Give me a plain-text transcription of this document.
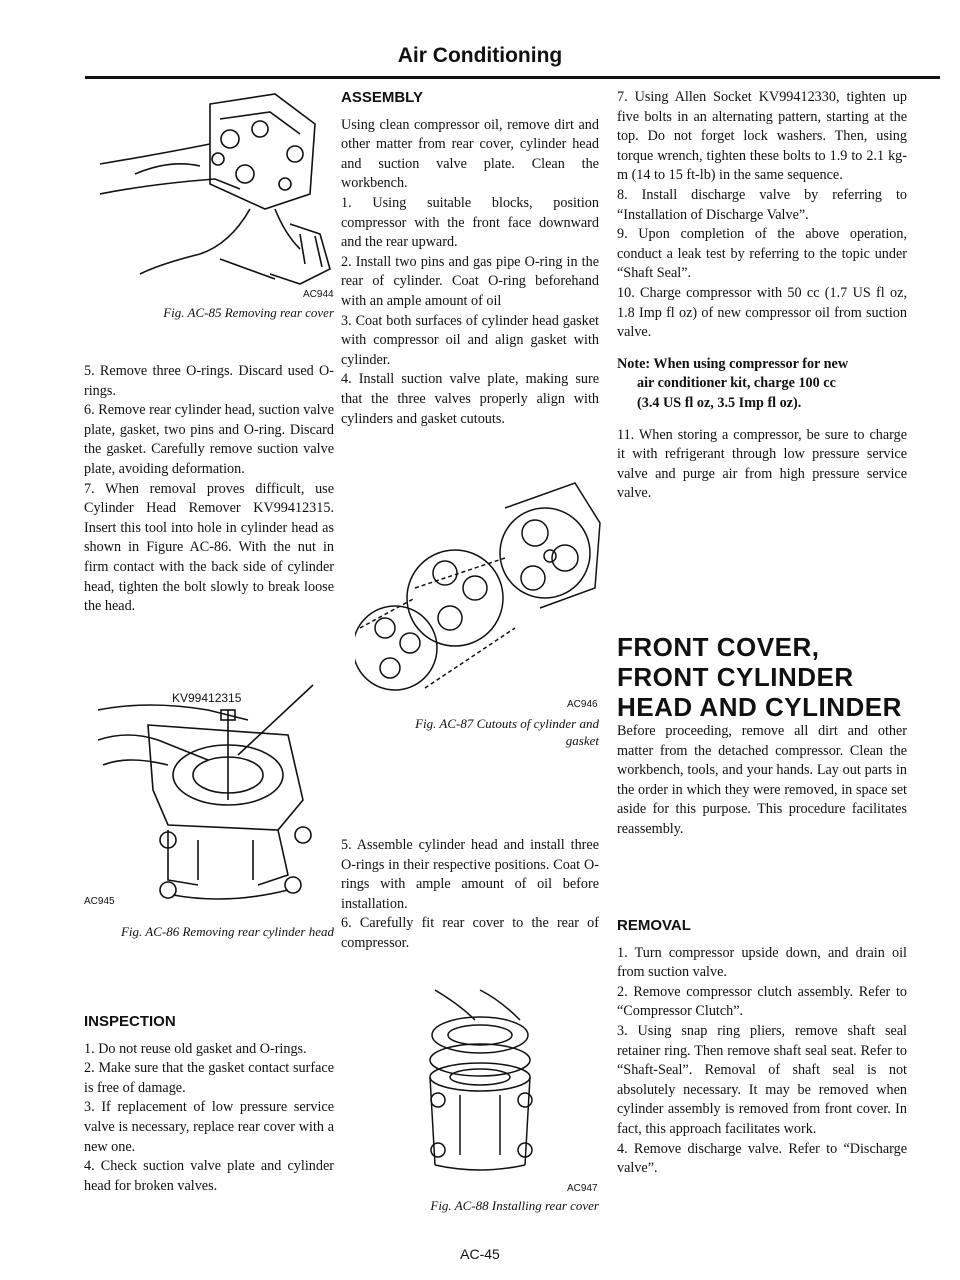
Air Conditioning
AC944
Fig. AC-85 Removing rear cover

5. Remove three O-rings. Discard used O-rings.

6. Remove rear cylinder head, suction valve plate, gasket, two pins and O-ring. Discard the gasket. Carefully remove suction valve plate, avoiding deformation.

7. When removal proves difficult, use Cylinder Head Remover KV99412315. Insert this tool into hole in cylinder head as shown in Figure AC-86. With the nut in firm contact with the back side of cylinder head, tighten the bolt slowly to break loose the head.

KV99412315
AC945
Fig. AC-86 Removing rear cylinder head
INSPECTION

1. Do not reuse old gasket and O-rings.

2. Make sure that the gasket contact surface is free of damage.

3. If replacement of low pressure service valve is necessary, replace rear cover with a new one.

4. Check suction valve plate and cylinder head for broken valves.

ASSEMBLY

Using clean compressor oil, remove dirt and other matter from rear cover, cylinder head and suction valve plate. Clean the workbench.

1. Using suitable blocks, position compressor with the front face downward and the rear upward.

2. Install two pins and gas pipe O-ring in the rear of cylinder. Coat O-ring beforehand with an ample amount of oil

3. Coat both surfaces of cylinder head gasket with compressor oil and align gasket with cylinder.

4. Install suction valve plate, making sure that the three valves properly align with cylinders and gasket cutouts.

AC946
Fig. AC-87 Cutouts of cylinder and
gasket

5. Assemble cylinder head and install three O-rings in their respective positions. Coat O-rings with ample amount of oil before installation.

6. Carefully fit rear cover to the rear of compressor.

AC947
Fig. AC-88 Installing rear cover

7. Using Allen Socket KV99412330, tighten up five bolts in an alternating pattern, starting at the top. Do not forget lock washers. Then, using torque wrench, tighten these bolts to 1.9 to 2.1 kg-m (14 to 15 ft-lb) in the same sequence.

8. Install discharge valve by referring to “Installation of Discharge Valve”.

9. Upon completion of the above operation, conduct a leak test by referring to the topic under “Shaft Seal”.

10. Charge compressor with 50 cc (1.7 US fl oz, 1.8 Imp fl oz) of new compressor oil from suction valve.

Note: When using compressor for new
air conditioner kit, charge 100 cc
(3.4 US fl oz, 3.5 Imp fl oz).

11. When storing a compressor, be sure to charge it with refrigerant through low pressure service valve and purge air from high pressure service valve.

FRONT COVER,
FRONT CYLINDER
HEAD AND CYLINDER

Before proceeding, remove all dirt and other matter from the detached compressor. Clean the workbench, tools, and your hands. Lay out parts in the order in which they were removed, in space set aside for this purpose. This procedure facilitates reassembly.

REMOVAL

1. Turn compressor upside down, and drain oil from suction valve.

2. Remove compressor clutch assembly. Refer to “Compressor Clutch”.

3. Using snap ring pliers, remove shaft seal retainer ring. Then remove shaft seal seat. Refer to “Shaft-Seal”. Removal of shaft seal is not absolutely necessary. It may be removed when cylinder assembly is removed from front cover. In fact, this approach facilitates work.

4. Remove discharge valve. Refer to “Discharge valve”.

AC-45
